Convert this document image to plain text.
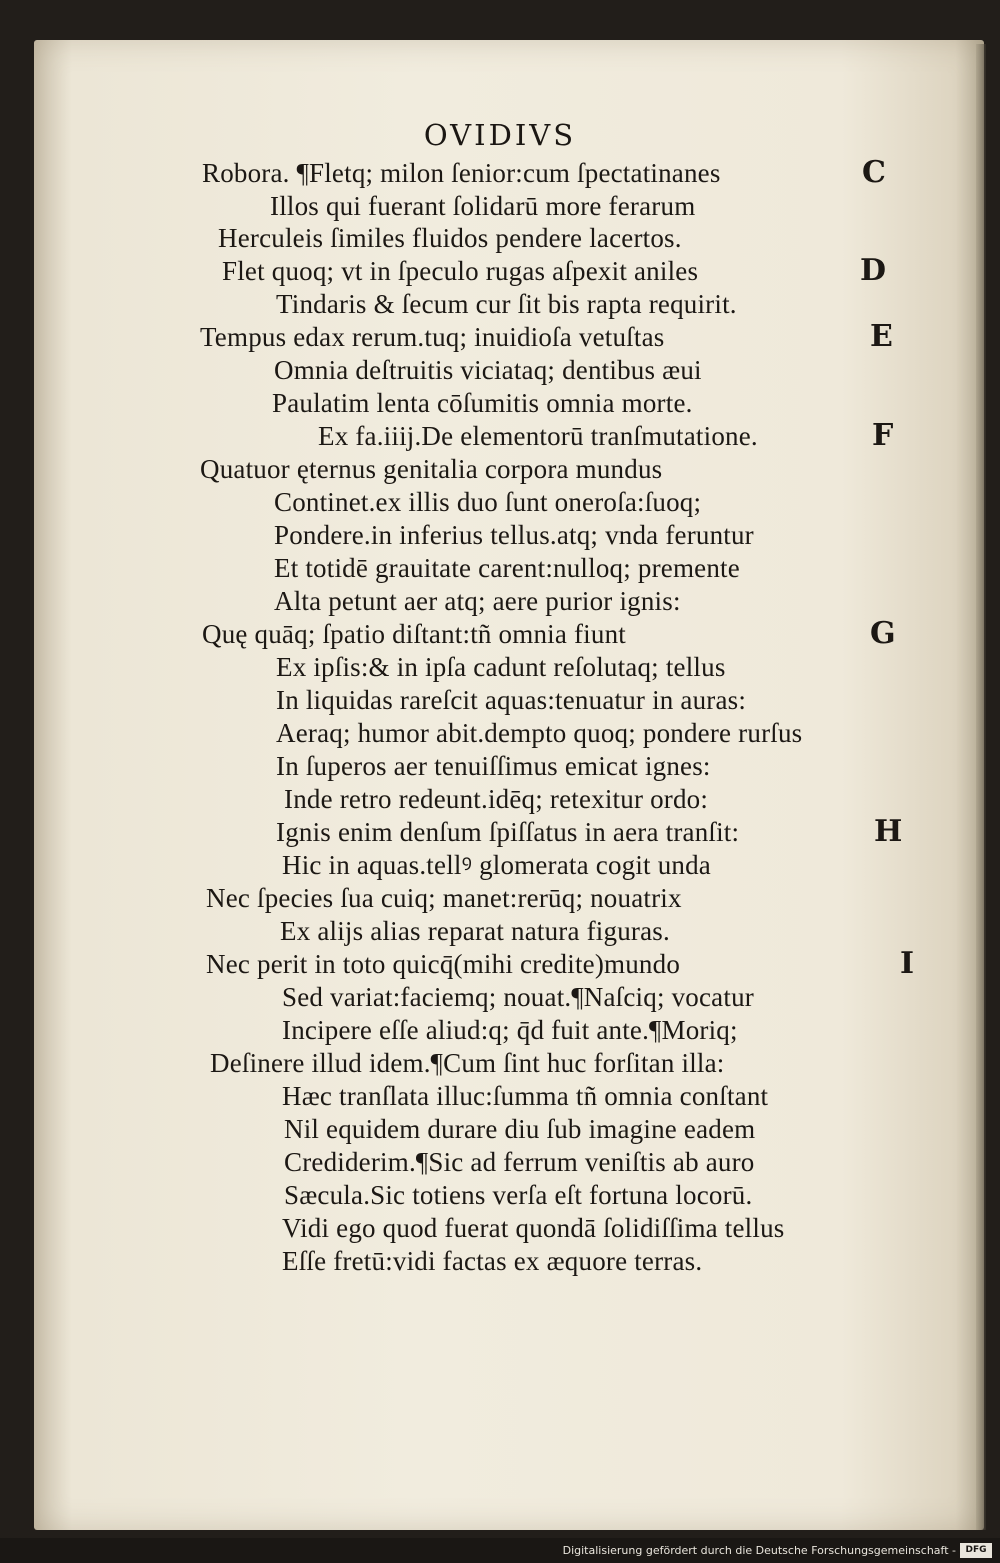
OVIDIVS
Robora. ¶Fletq; milon ſenior:cum ſpectatinanes
Illos qui fuerant ſolidarū more ferarum
Herculeis ſimiles fluidos pendere lacertos.
Flet quoq; vt in ſpeculo rugas aſpexit aniles
Tindaris & ſecum cur ſit bis rapta requirit.
Tempus edax rerum.tuq; inuidioſa vetuſtas
Omnia deſtruitis viciataq; dentibus æui
Paulatim lenta cōſumitis omnia morte.
Ex fa.iiij.De elementorū tranſmutatione.
Quatuor ęternus genitalia corpora mundus
Continet.ex illis duo ſunt oneroſa:ſuoq;
Pondere.in inferius tellus.atq; vnda feruntur
Et totidē grauitate carent:nulloq; premente
Alta petunt aer atq; aere purior ignis:
Quę quāq; ſpatio diſtant:tñ omnia fiunt
Ex ipſis:& in ipſa cadunt reſolutaq; tellus
In liquidas rareſcit aquas:tenuatur in auras:
Aeraq; humor abit.dempto quoq; pondere rurſus
In ſuperos aer tenuiſſimus emicat ignes:
Inde retro redeunt.idēq; retexitur ordo:
Ignis enim denſum ſpiſſatus in aera tranſit:
Hic in aquas.tellꝰ glomerata cogit unda
Nec ſpecies ſua cuiq; manet:rerūq; nouatrix
Ex alijs alias reparat natura figuras.
Nec perit in toto quicq̄(mihi credite)mundo
Sed variat:faciemq; nouat.¶Naſciq; vocatur
Incipere eſſe aliud:q; q̄d fuit ante.¶Moriq;
Deſinere illud idem.¶Cum ſint huc forſitan illa:
Hæc tranſlata illuc:ſumma tñ omnia conſtant
Nil equidem durare diu ſub imagine eadem
Crediderim.¶Sic ad ferrum veniſtis ab auro
Sæcula.Sic totiens verſa eſt fortuna locorū.
Vidi ego quod fuerat quondā ſolidiſſima tellus
Eſſe fretū:vidi factas ex æquore terras.
C
D
E
F
G
H
I
Digitalisierung gefördert durch die Deutsche Forschungsgemeinschaft -	DFG
